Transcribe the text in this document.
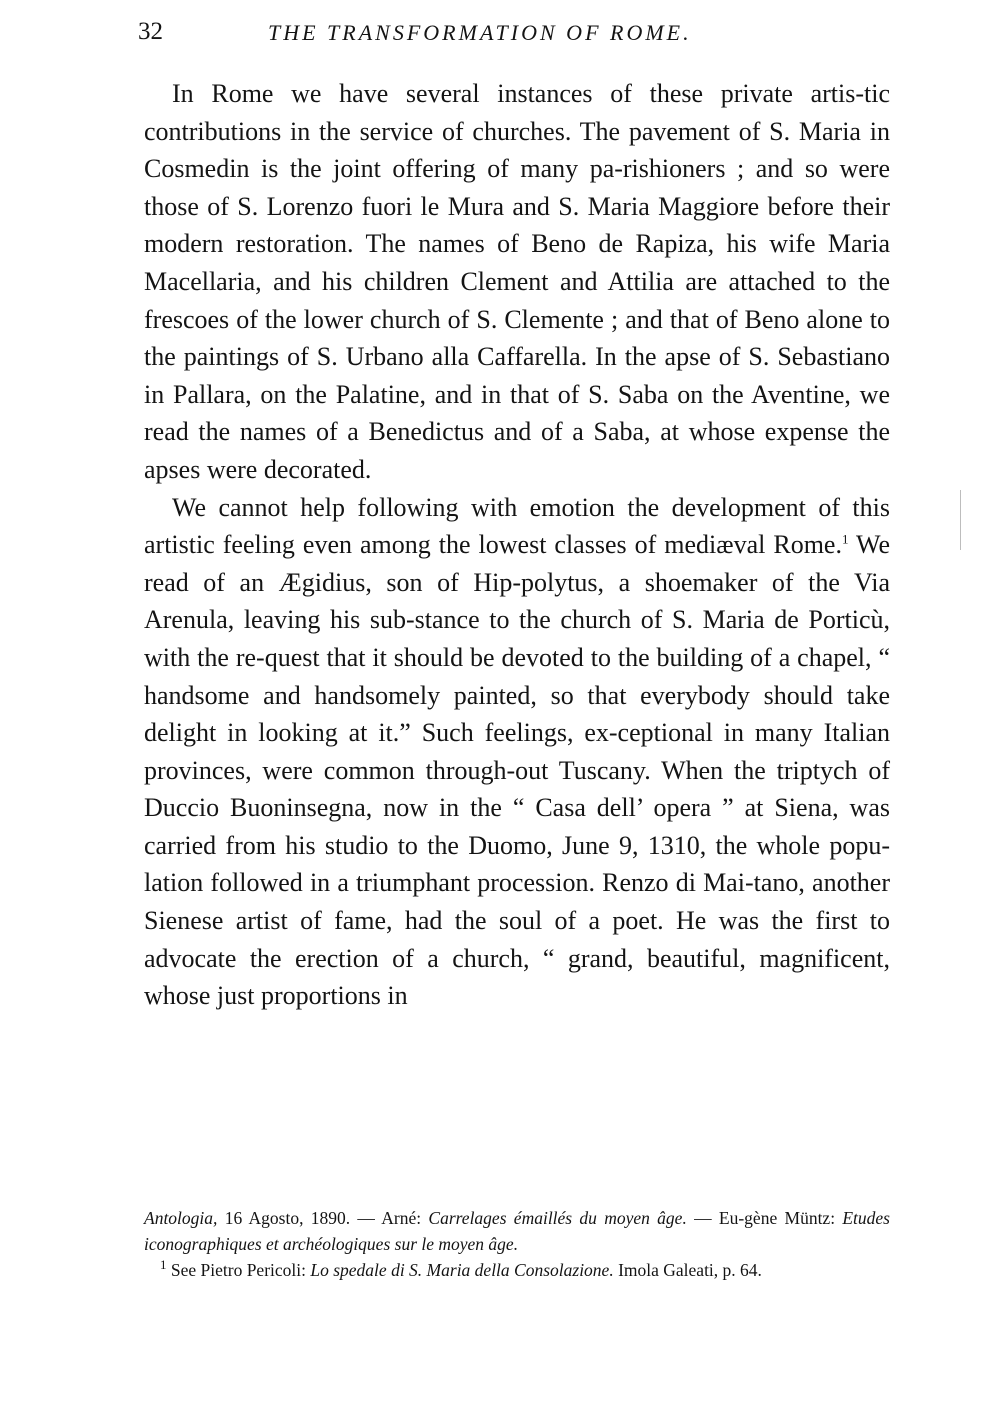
32	THE TRANSFORMATION OF ROME.

In Rome we have several instances of these private artis-tic contributions in the service of churches. The pavement of S. Maria in Cosmedin is the joint offering of many pa-rishioners ; and so were those of S. Lorenzo fuori le Mura and S. Maria Maggiore before their modern restoration. The names of Beno de Rapiza, his wife Maria Macellaria, and his children Clement and Attilia are attached to the frescoes of the lower church of S. Clemente ; and that of Beno alone to the paintings of S. Urbano alla Caffarella. In the apse of S. Sebastiano in Pallara, on the Palatine, and in that of S. Saba on the Aventine, we read the names of a Benedictus and of a Saba, at whose expense the apses were decorated.

We cannot help following with emotion the development of this artistic feeling even among the lowest classes of mediæval Rome.$^1$ We read of an Ægidius, son of Hip-polytus, a shoemaker of the Via Arenula, leaving his sub-stance to the church of S. Maria de Porticù, with the re-quest that it should be devoted to the building of a chapel, “ handsome and handsomely painted, so that everybody should take delight in looking at it.” Such feelings, ex-ceptional in many Italian provinces, were common through-out Tuscany. When the triptych of Duccio Buoninsegna, now in the “ Casa dell’ opera ” at Siena, was carried from his studio to the Duomo, June 9, 1310, the whole popu-lation followed in a triumphant procession. Renzo di Mai-tano, another Sienese artist of fame, had the soul of a poet. He was the first to advocate the erection of a church, “ grand, beautiful, magnificent, whose just proportions in

Antologia, 16 Agosto, 1890. — Arné: Carrelages émaillés du moyen âge. — Eu-gène Müntz: Etudes iconographiques et archéologiques sur le moyen âge.

$^1$ See Pietro Pericoli: Lo spedale di S. Maria della Consolazione. Imola Galeati, p. 64.
